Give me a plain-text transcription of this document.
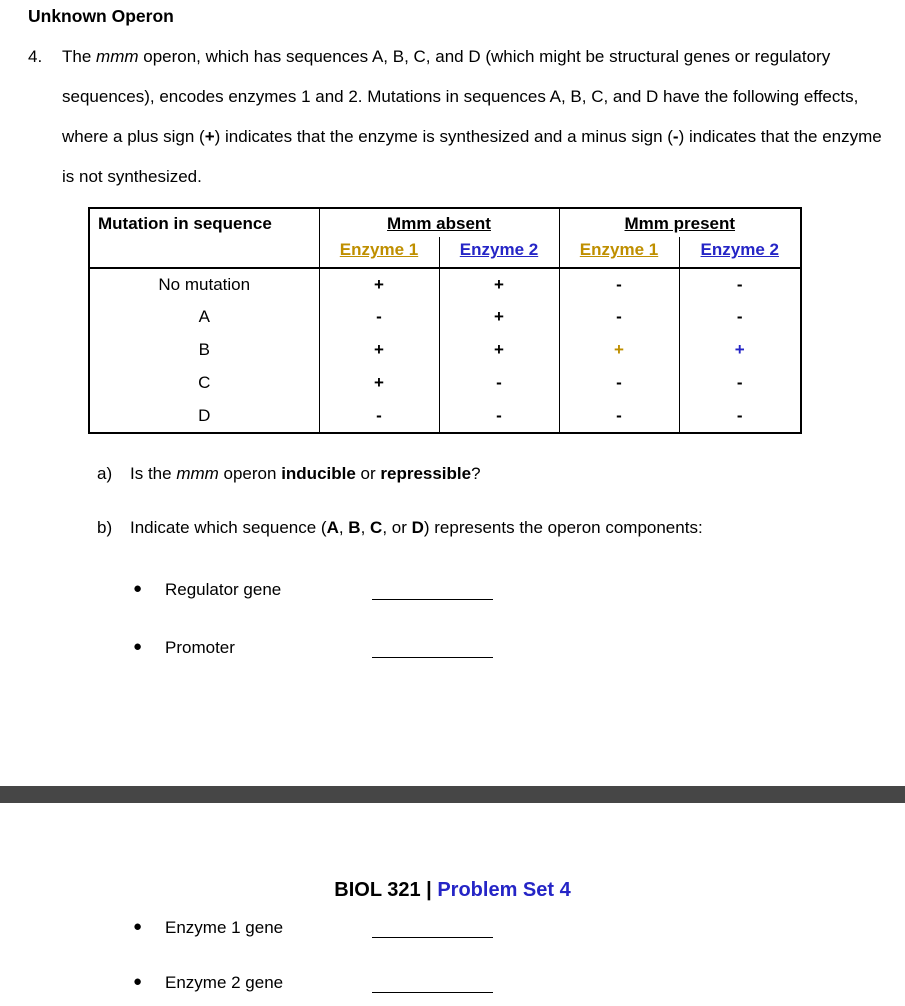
Unknown Operon
4.	The mmm operon, which has sequences A, B, C, and D (which might be structural genes or regulatory sequences), encodes enzymes 1 and 2. Mutations in sequences A, B, C, and D have the following effects, where a plus sign (+) indicates that the enzyme is synthesized and a minus sign (-) indicates that the enzyme is not synthesized.
Mutation in sequence	Mmm absent		Mmm present	
	Enzyme 1	Enzyme 2	Enzyme 1	Enzyme 2
No mutation	+	+	-	-
A	-	+	-	-
B	+	+	+	+
C	+	-	-	-
D	-	-	-	-
a)	Is the mmm operon inducible or repressible?
b)	Indicate which sequence (A, B, C, or D) represents the operon components:
●	Regulator gene
●	Promoter
BIOL 321 | Problem Set 4
●	Enzyme 1 gene
●	Enzyme 2 gene
